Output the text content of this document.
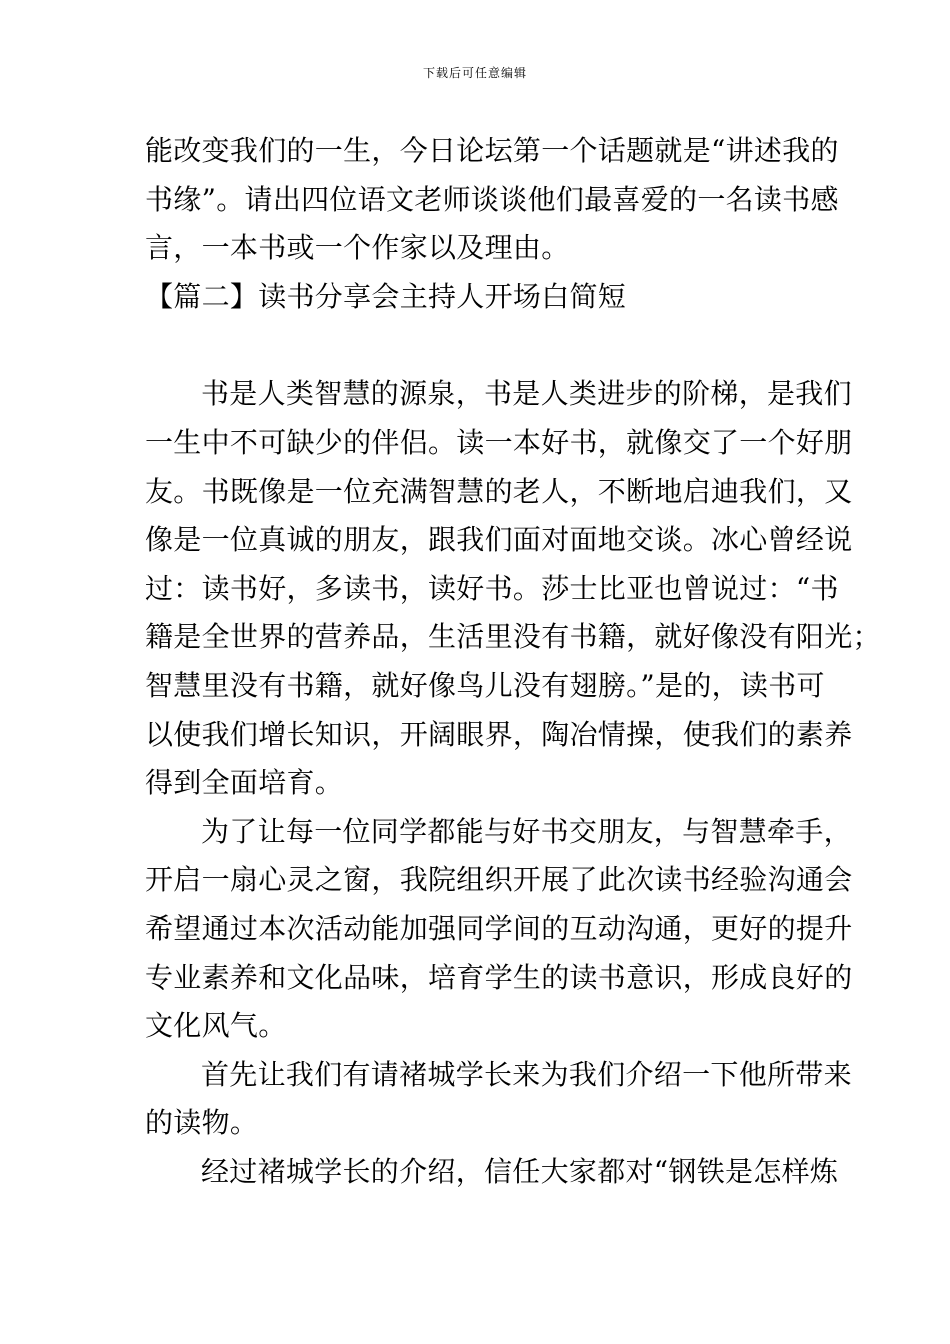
下载后可任意编辑
能改变我们的一生，今日论坛第一个话题就是“讲述我的
书缘”。请出四位语文老师谈谈他们最喜爱的一名读书感
言，一本书或一个作家以及理由。
【篇二】读书分享会主持人开场白简短
书是人类智慧的源泉，书是人类进步的阶梯，是我们
一生中不可缺少的伴侣。读一本好书，就像交了一个好朋
友。书既像是一位充满智慧的老人，不断地启迪我们，又
像是一位真诚的朋友，跟我们面对面地交谈。冰心曾经说
过：读书好，多读书，读好书。莎士比亚也曾说过：“书
籍是全世界的营养品，生活里没有书籍，就好像没有阳光；
智慧里没有书籍，就好像鸟儿没有翅膀。”是的，读书可
以使我们增长知识，开阔眼界，陶冶情操，使我们的素养
得到全面培育。
为了让每一位同学都能与好书交朋友，与智慧牵手，
开启一扇心灵之窗，我院组织开展了此次读书经验沟通会
希望通过本次活动能加强同学间的互动沟通，更好的提升
专业素养和文化品味，培育学生的读书意识，形成良好的
文化风气。
首先让我们有请褚城学长来为我们介绍一下他所带来
的读物。
经过褚城学长的介绍，信任大家都对“钢铁是怎样炼
